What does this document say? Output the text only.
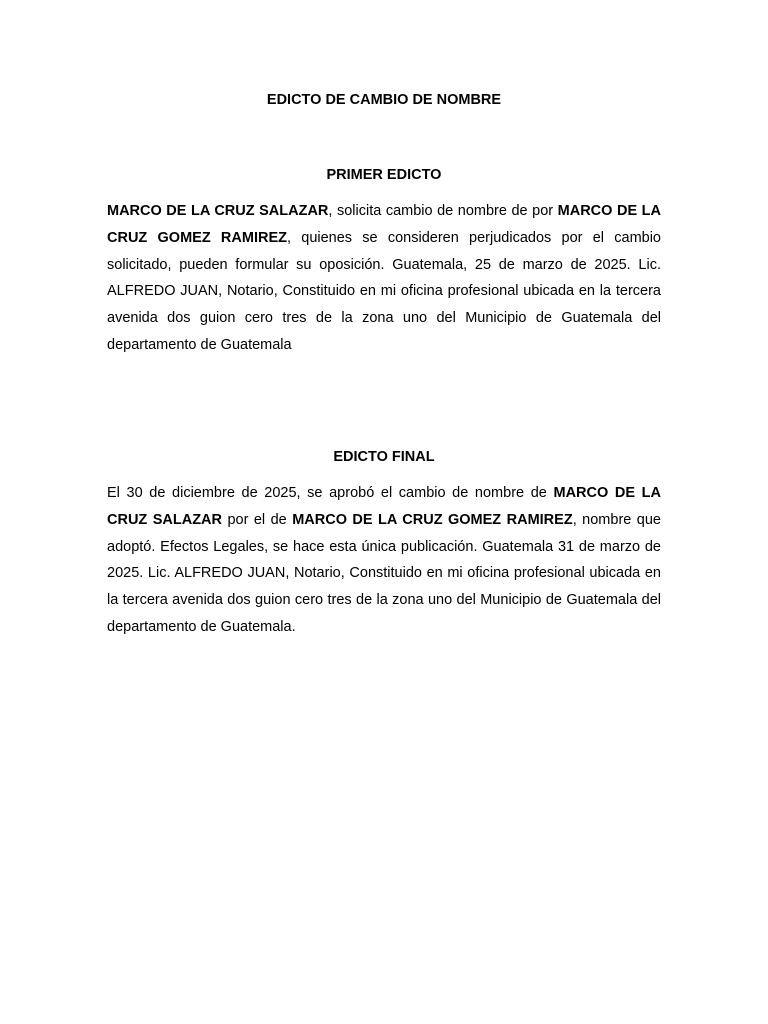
EDICTO DE CAMBIO DE NOMBRE
PRIMER EDICTO

MARCO DE LA CRUZ SALAZAR, solicita cambio de nombre de por MARCO DE LA CRUZ GOMEZ RAMIREZ, quienes se consideren perjudicados por el cambio solicitado, pueden formular su oposición. Guatemala, 25 de marzo de 2025. Lic. ALFREDO JUAN, Notario, Constituido en mi oficina profesional ubicada en la tercera avenida dos guion cero tres de la zona uno del Municipio de Guatemala del departamento de Guatemala

EDICTO FINAL

El 30 de diciembre de 2025, se aprobó el cambio de nombre de MARCO DE LA CRUZ SALAZAR por el de MARCO DE LA CRUZ GOMEZ RAMIREZ, nombre que adoptó. Efectos Legales, se hace esta única publicación. Guatemala 31 de marzo de 2025. Lic. ALFREDO JUAN, Notario, Constituido en mi oficina profesional ubicada en la tercera avenida dos guion cero tres de la zona uno del Municipio de Guatemala del departamento de Guatemala.
